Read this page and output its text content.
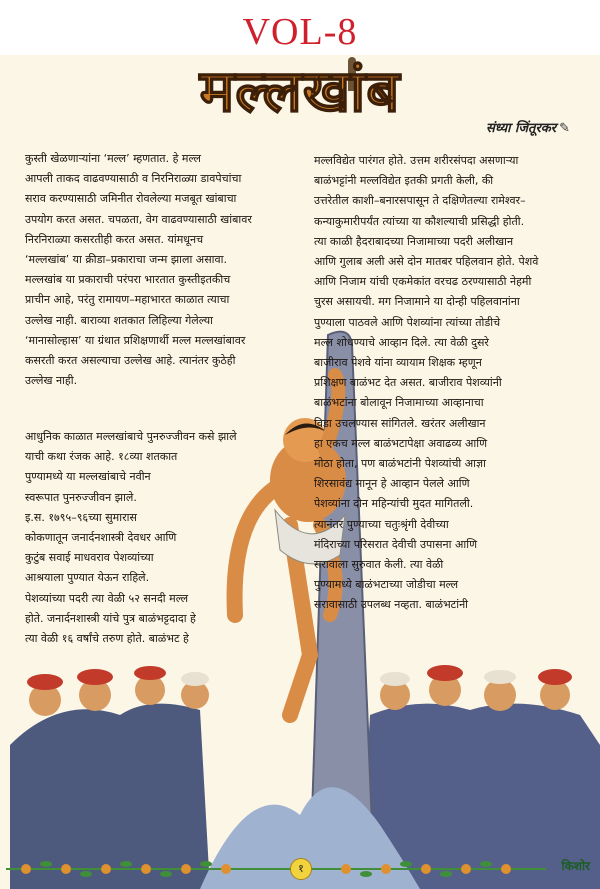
VOL-8
मल्लखांब
संध्या जिंतूरकर ✎

कुस्ती खेळणाऱ्यांना ‘मल्ल’ म्हणतात. हे मल्ल

आपली ताकद वाढवण्यासाठी व निरनिराळ्या डावपेचांचा

सराव करण्यासाठी जमिनीत रोवलेल्या मजबूत खांबाचा

उपयोग करत असत. चपळता, वेग वाढवण्यासाठी खांबावर

निरनिराळ्या कसरतीही करत असत. यांमधूनच

‘मल्लखांब’ या क्रीडा–प्रकाराचा जन्म झाला असावा.

मल्लखांब या प्रकाराची परंपरा भारतात कुस्तीइतकीच

प्राचीन आहे, परंतु रामायण–महाभारत काळात त्याचा

उल्लेख नाही. बाराव्या शतकात लिहिल्या गेलेल्या

‘मानासोल्हास’ या ग्रंथात प्रशिक्षणार्थी मल्ल मल्लखांबावर

कसरती करत असल्याचा उल्लेख आहे. त्यानंतर कुठेही

उल्लेख नाही.

आधुनिक काळात मल्लखांबाचे पुनरुज्जीवन कसे झाले

याची कथा रंजक आहे. १८व्या शतकात

पुण्यामध्ये या मल्लखांबाचे नवीन

स्वरूपात पुनरुज्जीवन झाले.

इ.स. १७९५–९६च्या सुमारास

कोकणातून जनार्दनशास्त्री देवधर आणि

कुटुंब सवाई माधवराव पेशव्यांच्या

आश्रयाला पुण्यात येऊन राहिले.

पेशव्यांच्या पदरी त्या वेळी ५२ सनदी मल्ल

होते. जनार्दनशास्त्री यांचे पुत्र बाळंभट्टदादा हे

त्या वेळी १६ वर्षांचे तरुण होते. बाळंभट हे

मल्लविद्येत पारंगत होते. उत्तम शरीरसंपदा असणाऱ्या

बाळंभट्टांनी मल्लविद्येत इतकी प्रगती केली, की

उत्तरेतील काशी–बनारसपासून ते दक्षिणेतल्या रामेश्वर–

कन्याकुमारीपर्यंत त्यांच्या या कौशल्याची प्रसिद्धी होती.

त्या काळी हैदराबादच्या निजामाच्या पदरी अलीखान

आणि गुलाब अली असे दोन मातबर पहिलवान होते. पेशवे

आणि निजाम यांची एकमेकांत वरचढ ठरण्यासाठी नेहमी

चुरस असायची. मग निजामाने या दोन्ही पहिलवानांना

पुण्याला पाठवले आणि पेशव्यांना त्यांच्या तोडीचे

मल्ल शोधण्याचे आव्हान दिले. त्या वेळी दुसरे

बाजीराव पेशवे यांना व्यायाम शिक्षक म्हणून

प्रशिक्षण बाळंभट देत असत. बाजीराव पेशव्यांनी

बाळंभटांना बोलावून निजामाच्या आव्हानाचा

विडा उचलण्यास सांगितले. खरंतर अलीखान

हा एकच मल्ल बाळंभटापेक्षा अवाढव्य आणि

मोठा होता, पण बाळंभटांनी पेशव्यांची आज्ञा

शिरसावंद्य मानून हे आव्हान पेलले आणि

पेशव्यांना दोन महिन्यांची मुदत मागितली.

त्यानंतर पुण्याच्या चतुःश्रृंगी देवीच्या

मंदिराच्या परिसरात देवीची उपासना आणि

सरावाला सुरुवात केली. त्या वेळी

पुण्यामध्ये बाळंभटाच्या जोडीचा मल्ल

सरावासाठी उपलब्ध नव्हता. बाळंभटांनी

१	किशोर
